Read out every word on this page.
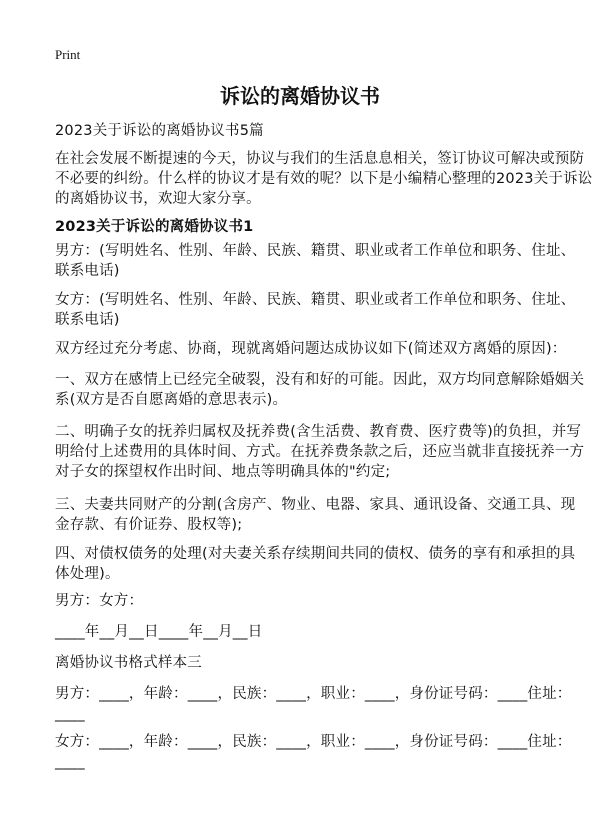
Print
诉讼的离婚协议书
2023关于诉讼的离婚协议书5篇
在社会发展不断提速的今天，协议与我们的生活息息相关，签订协议可解决或预防
不必要的纠纷。什么样的协议才是有效的呢？以下是小编精心整理的2023关于诉讼
的离婚协议书，欢迎大家分享。
2023关于诉讼的离婚协议书1
男方：(写明姓名、性别、年龄、民族、籍贯、职业或者工作单位和职务、住址、
联系电话)
女方：(写明姓名、性别、年龄、民族、籍贯、职业或者工作单位和职务、住址、
联系电话)
双方经过充分考虑、协商，现就离婚问题达成协议如下(简述双方离婚的原因)：
一、双方在感情上已经完全破裂，没有和好的可能。因此，双方均同意解除婚姻关
系(双方是否自愿离婚的意思表示)。
二、明确子女的抚养归属权及抚养费(含生活费、教育费、医疗费等)的负担，并写
明给付上述费用的具体时间、方式。在抚养费条款之后，还应当就非直接抚养一方
对子女的探望权作出时间、地点等明确具体的"约定;
三、夫妻共同财产的分割(含房产、物业、电器、家具、通讯设备、交通工具、现
金存款、有价证券、股权等);
四、对债权债务的处理(对夫妻关系存续期间共同的债权、债务的享有和承担的具
体处理)。
男方：女方：
____年__月__日____年__月__日
离婚协议书格式样本三
男方：____，年龄：____，民族：____，职业：____，身份证号码：____住址：
____
女方：____，年龄：____，民族：____，职业：____，身份证号码：____住址：
____
